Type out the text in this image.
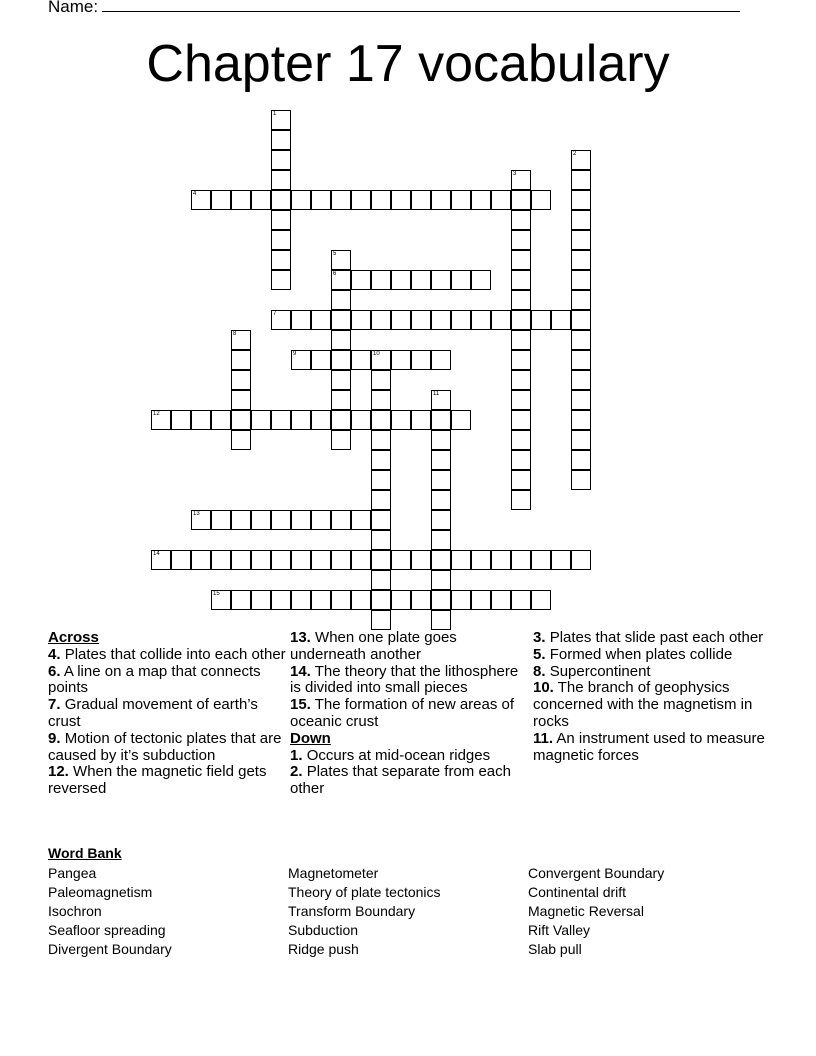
Name:
Chapter 17 vocabulary
1
2
3
4
5
6
7
8
9	10
11
12
13
14
15
Across
4. Plates that collide into each other
6. A line on a map that connects points
7. Gradual movement of earth’s crust
9. Motion of tectonic plates that are caused by it’s subduction
12. When the magnetic field gets reversed
13. When one plate goes underneath another
14. The theory that the lithosphere is divided into small pieces
15. The formation of new areas of oceanic crust
Down
1. Occurs at mid-ocean ridges
2. Plates that separate from each other
3. Plates that slide past each other
5. Formed when plates collide
8. Supercontinent
10. The branch of geophysics concerned with the magnetism in rocks
11. An instrument used to measure magnetic forces
Word Bank
Pangea
Paleomagnetism
Isochron
Seafloor spreading
Divergent Boundary
Magnetometer
Theory of plate tectonics
Transform Boundary
Subduction
Ridge push
Convergent Boundary
Continental drift
Magnetic Reversal
Rift Valley
Slab pull
